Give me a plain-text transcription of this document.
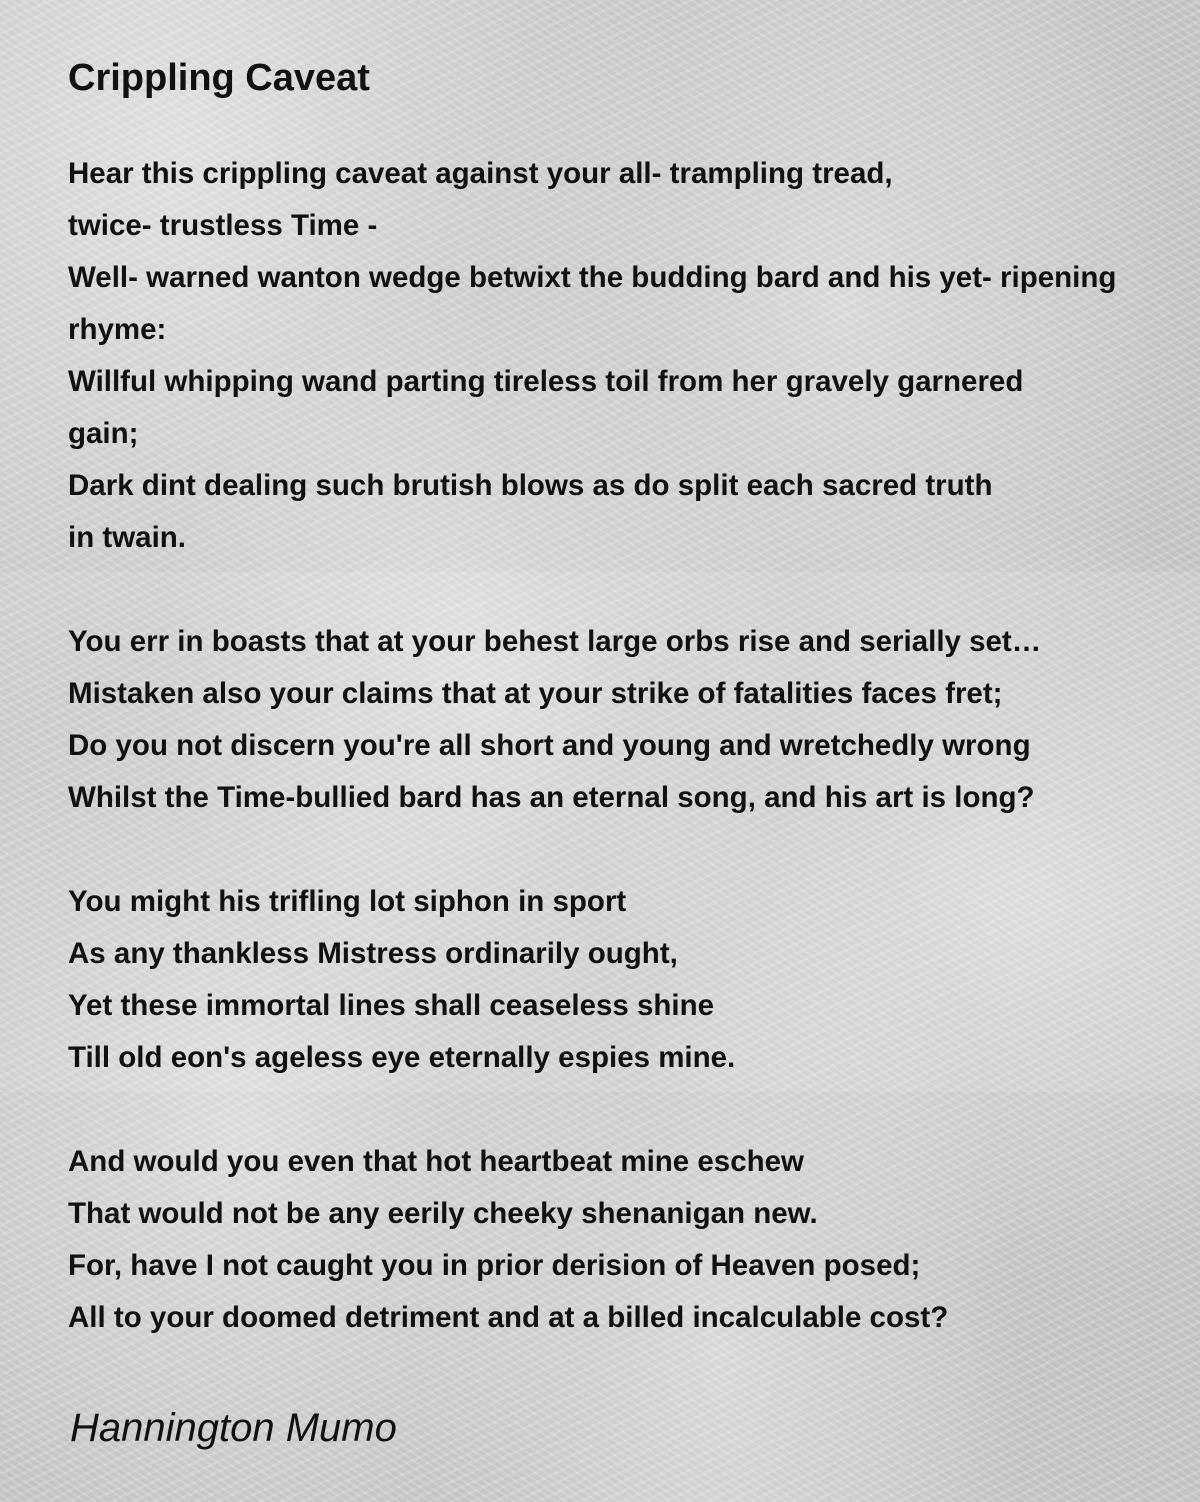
Crippling Caveat
Hear this crippling caveat against your all- trampling tread,
twice- trustless Time -
Well- warned wanton wedge betwixt the budding bard and his yet- ripening
rhyme:
Willful whipping wand parting tireless toil from her gravely garnered
gain;
Dark dint dealing such brutish blows as do split each sacred truth
in twain.
You err in boasts that at your behest large orbs rise and serially set…
Mistaken also your claims that at your strike of fatalities faces fret;
Do you not discern you're all short and young and wretchedly wrong
Whilst the Time-bullied bard has an eternal song, and his art is long?
You might his trifling lot siphon in sport
As any thankless Mistress ordinarily ought,
Yet these immortal lines shall ceaseless shine
Till old eon's ageless eye eternally espies mine.
And would you even that hot heartbeat mine eschew
That would not be any eerily cheeky shenanigan new.
For, have I not caught you in prior derision of Heaven posed;
All to your doomed detriment and at a billed incalculable cost?
Hannington Mumo
